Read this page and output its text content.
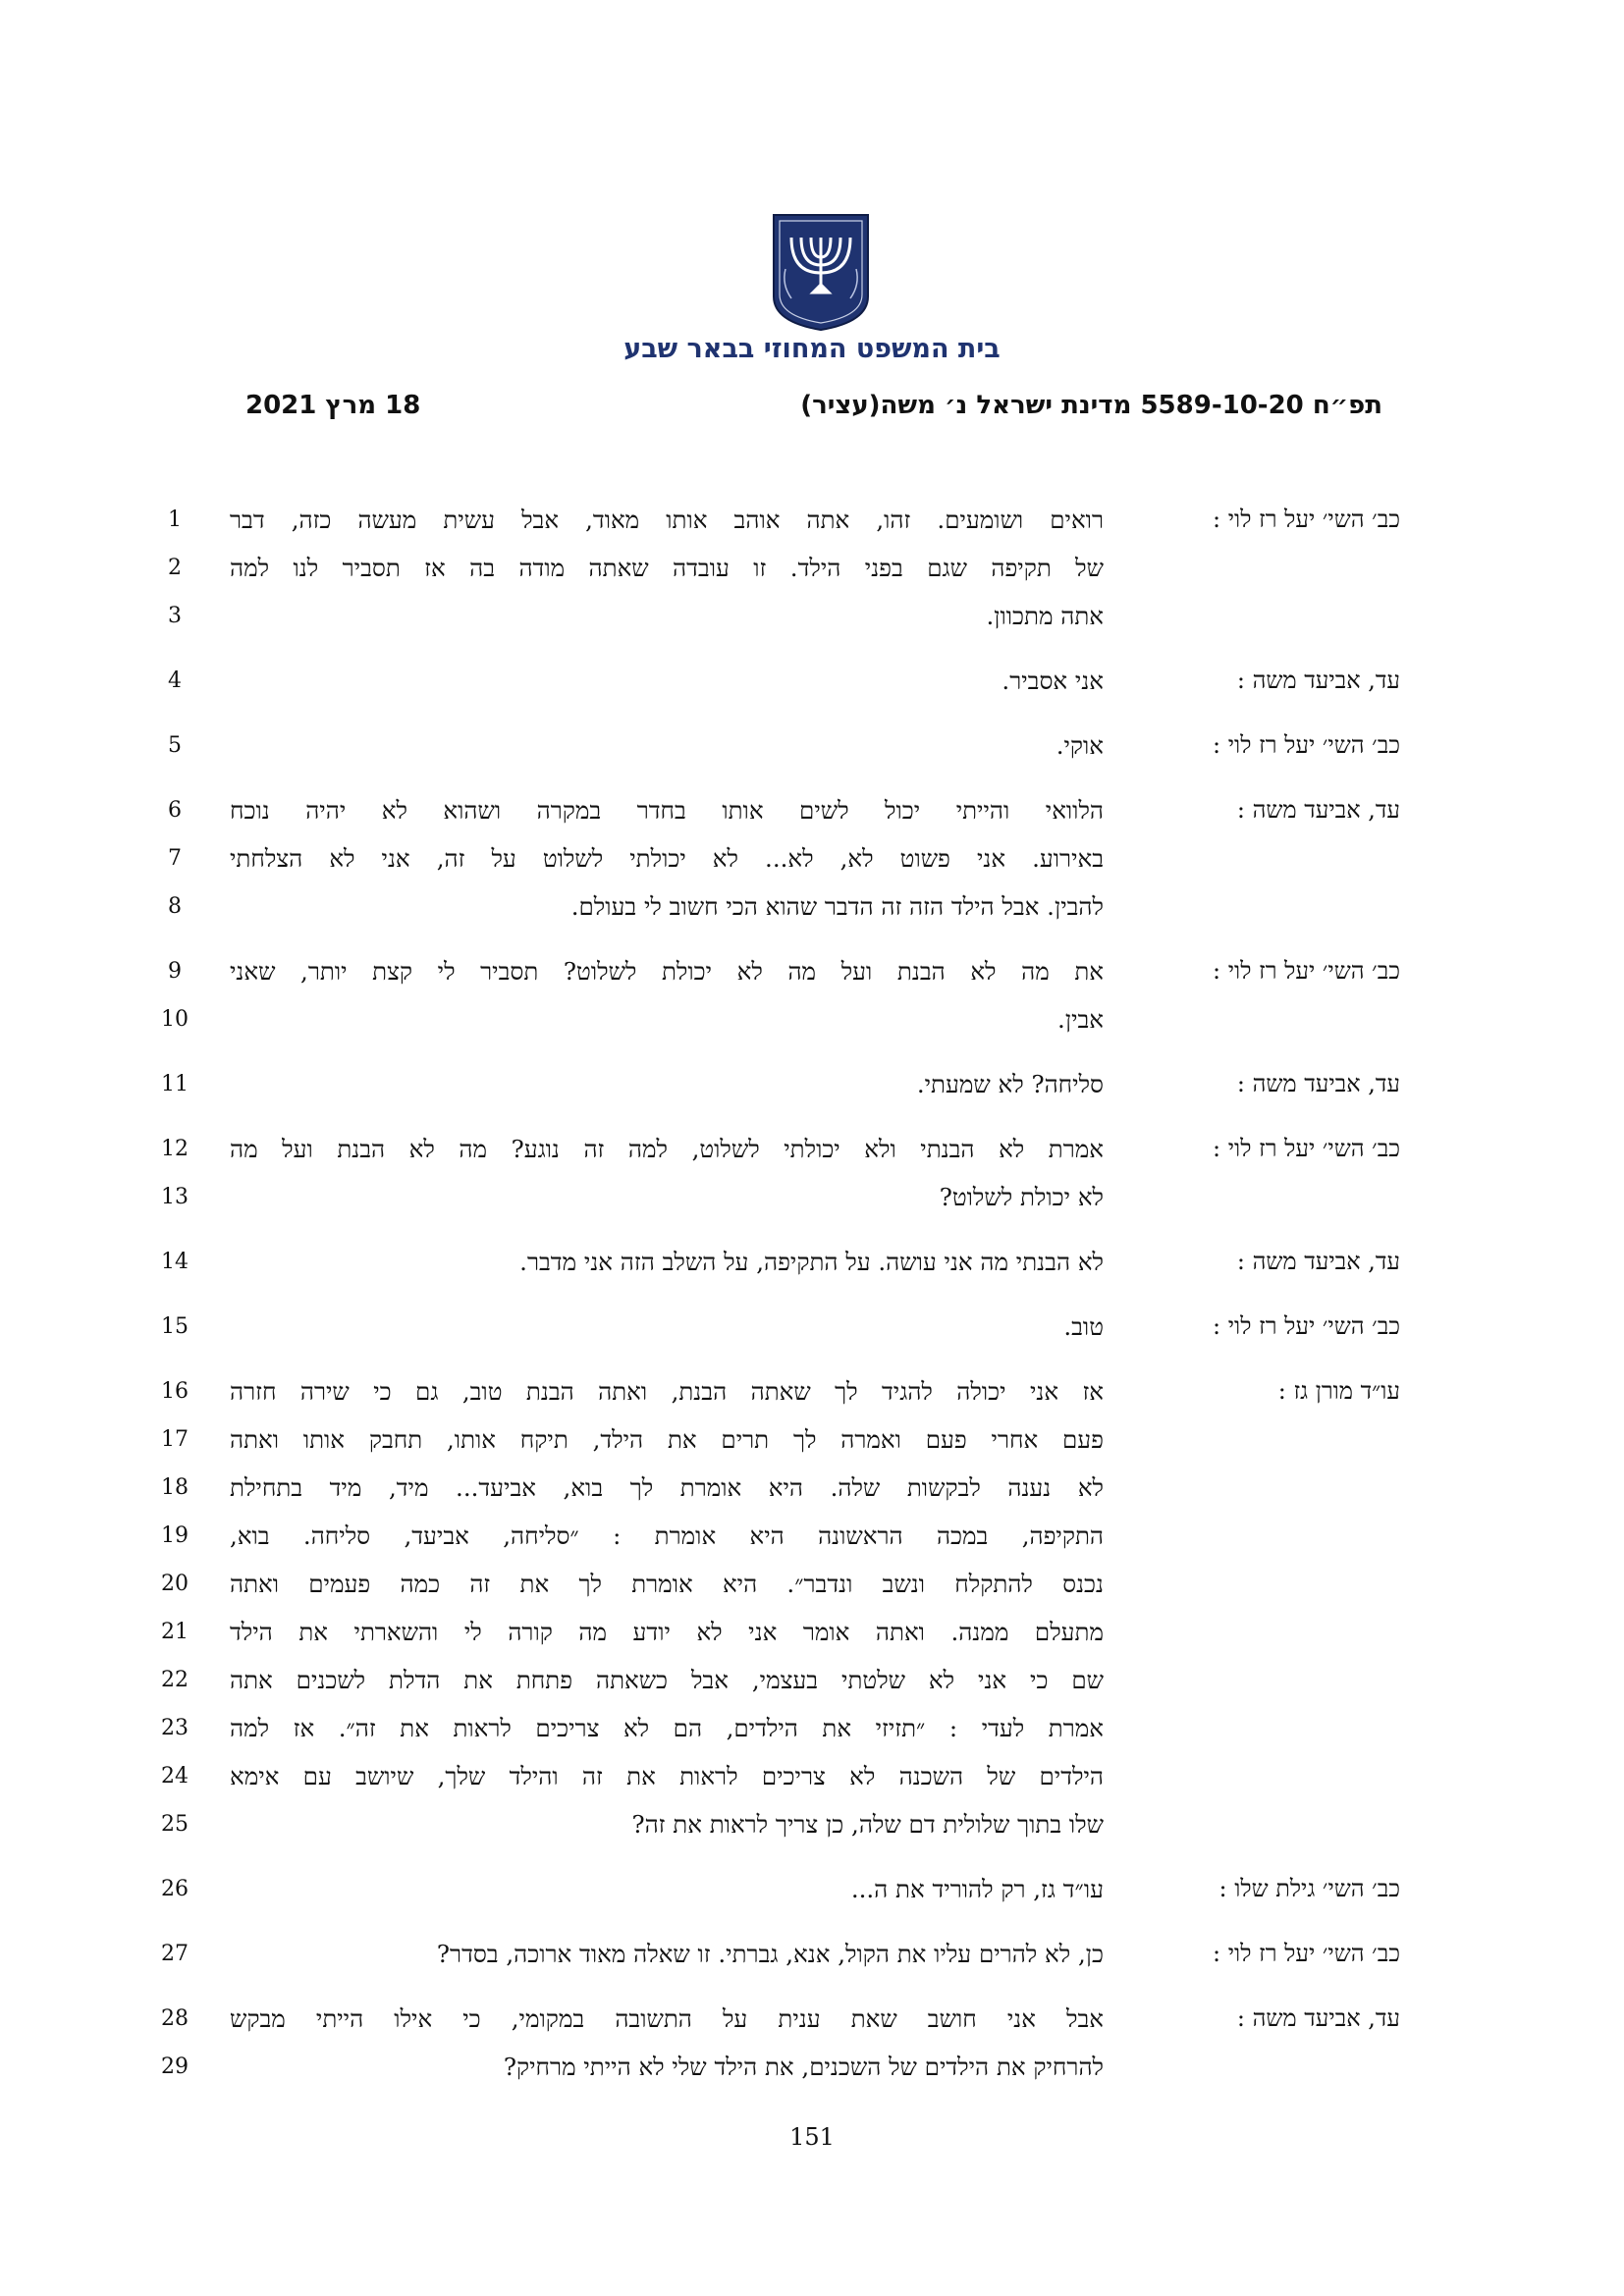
בית המשפט המחוזי בבאר שבע
תפ״ח 5589-10-20 מדינת ישראל נ׳ משה(עציר)
18 מרץ 2021
כב׳ השי׳ יעל רז לוי :
רואים ושומעים. זהו, אתה אוהב אותו מאוד, אבל עשית מעשה כזה, דבר
של תקיפה שגם בפני הילד. זו עובדה שאתה מודה בה אז תסביר לנו למה
אתה מתכוון.
1
2
3
עד, אביעד משה :
אני אסביר.
4
כב׳ השי׳ יעל רז לוי :
אוקי.
5
עד, אביעד משה :
הלוואי והייתי יכול לשים אותו בחדר במקרה ושהוא לא יהיה נוכח
באירוע. אני פשוט לא, לא... לא יכולתי לשלוט על זה, אני לא הצלחתי
להבין. אבל הילד הזה זה הדבר שהוא הכי חשוב לי בעולם.
6
7
8
כב׳ השי׳ יעל רז לוי :
את מה לא הבנת ועל מה לא יכולת לשלוט? תסביר לי קצת יותר, שאני
אבין.
9
10
עד, אביעד משה :
סליחה? לא שמעתי.
11
כב׳ השי׳ יעל רז לוי :
אמרת לא הבנתי ולא יכולתי לשלוט, למה זה נוגע? מה לא הבנת ועל מה
לא יכולת לשלוט?
12
13
עד, אביעד משה :
לא הבנתי מה אני עושה. על התקיפה, על השלב הזה אני מדבר.
14
כב׳ השי׳ יעל רז לוי :
טוב.
15
עו״ד מורן גז :
אז אני יכולה להגיד לך שאתה הבנת, ואתה הבנת טוב, גם כי שירה חזרה
פעם אחרי פעם ואמרה לך תרים את הילד, תיקח אותו, תחבק אותו ואתה
לא נענה לבקשות שלה. היא אומרת לך בוא, אביעד... מיד, מיד בתחילת
התקיפה, במכה הראשונה היא אומרת : ״סליחה, אביעד, סליחה. בוא,
נכנס להתקלח ונשב ונדבר״. היא אומרת לך את זה כמה פעמים ואתה
מתעלם ממנה. ואתה אומר אני לא יודע מה קורה לי והשארתי את הילד
שם כי אני לא שלטתי בעצמי, אבל כשאתה פתחת את הדלת לשכנים אתה
אמרת לעדי : ״תזיזי את הילדים, הם לא צריכים לראות את זה״. אז למה
הילדים של השכנה לא צריכים לראות את זה והילד שלך, שיושב עם אימא
שלו בתוך שלולית דם שלה, כן צריך לראות את זה?
16
17
18
19
20
21
22
23
24
25
כב׳ השי׳ גילת שלו :
עו״ד גז, רק להוריד את ה...
26
כב׳ השי׳ יעל רז לוי :
כן, לא להרים עליו את הקול, אנא, גברתי. זו שאלה מאוד ארוכה, בסדר?
27
עד, אביעד משה :
אבל אני חושב שאת ענית על התשובה במקומי, כי אילו הייתי מבקש
להרחיק את הילדים של השכנים, את הילד שלי לא הייתי מרחיק?
28
29
151
